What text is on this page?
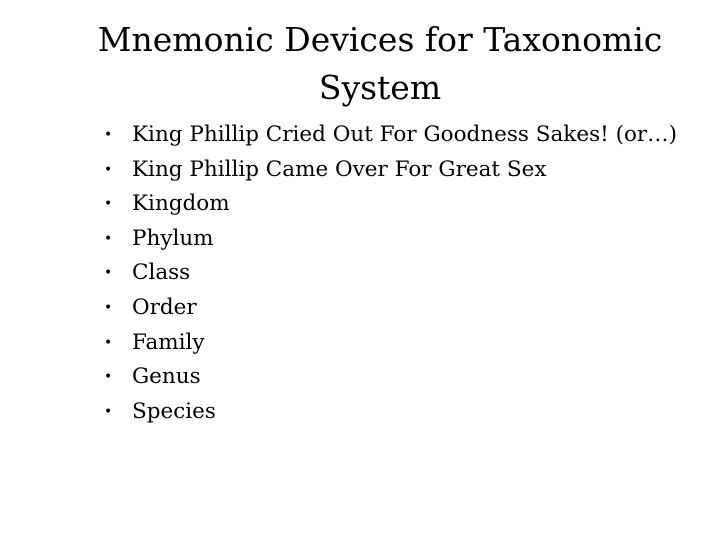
Mnemonic Devices for Taxonomic
System
• King Phillip Cried Out For Goodness Sakes! (or…)
• King Phillip Came Over For Great Sex
• Kingdom
• Phylum
• Class
• Order
• Family
• Genus
• Species
